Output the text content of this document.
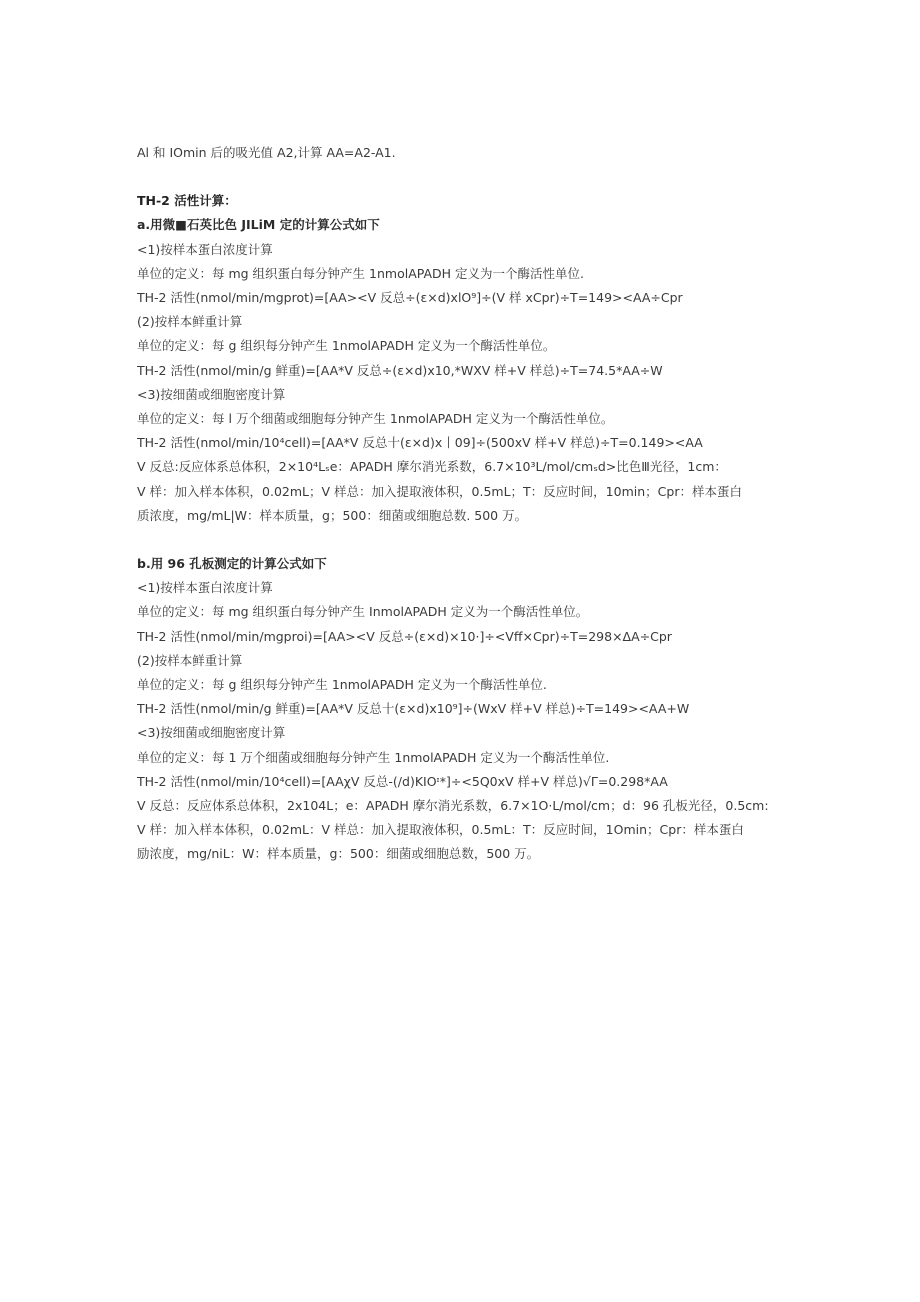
Al 和 IOmin 后的吸光值 A2,计算 AA=A2-A1.
TH-2 活性计算：
a.用微■石英比色 JILiM 定的计算公式如下
<1)按样本蛋白浓度计算
单位的定义：每 mg 组织蛋白每分钟产生 1nmolAPADH 定义为一个酶活性单位.
TH-2 活性(nmol/min/mgprot)=[AA><V 反总÷(ε×d)xlO⁹]÷(V 样 xCpr)÷T=149><AA÷Cpr
(2)按样本鲜重计算
单位的定义：每 g 组织每分钟产生 1nmolAPADH 定义为一个酶活性单位。
TH-2 活性(nmol/min/g 鲜重)=[AA*V 反总÷(ε×d)x10,*WXV 样+V 样总)÷T=74.5*AA÷W
<3)按细菌或细胞密度计算
单位的定义：每 l 万个细菌或细胞每分钟产生 1nmolAPADH 定义为一个酶活性单位。
TH-2 活性(nmol/min∕10⁴cell)=[AA*V 反总十(ε×d)x丨09]÷(500xV 样+V 样总)÷T=0.149><AA
V 反总:反应体系总体积，2×10⁴Lₛe：APADH 摩尔消光系数，6.7×10³L∕mol∕cmₛd>比色Ⅲ光径，1cm：
V 样：加入样本体积，0.02mL；V 样总：加入提取液体积，0.5mL；T：反应时间，10min；Cpr：样本蛋白
质浓度，mg∕mL|W：样本质量，g；500：细菌或细胞总数. 500 万。
b.用 96 孔板测定的计算公式如下
<1)按样本蛋白浓度计算
单位的定义：每 mg 组织蛋白每分钟产生 InmolAPADH 定义为一个酶活性单位。
TH-2 活性(nmol/min/mgproi)=[AA><V 反总÷(ε×d)×10·]÷<Vff×Cpr)÷T=298×ΔA÷Cpr
(2)按样本鲜重计算
单位的定义：每 g 组织每分钟产生 1nmolAPADH 定义为一个酶活性单位.
TH-2 活性(nmol/min/g 鲜重)=[AA*V 反总十(ε×d)x10⁹]÷(WxV 样+V 样总)÷T=149><AA+W
<3)按细菌或细胞密度计算
单位的定义：每 1 万个细菌或细胞每分钟产生 1nmolAPADH 定义为一个酶活性单位.
TH-2 活性(nmol∕min∕10⁴cell)=[AAχV 反总-(/d)KIOᶦ*]÷<5Q0xV 样+V 样总)√Γ=0.298*AA
V 反总：反应体系总体积，2x104L；e：APADH 摩尔消光系数，6.7×1O·L/mol/cm；d：96 孔板光径，0.5cm:
V 样：加入样本体积，0.02mL：V 样总：加入提取液体积，0.5mL：T：反应时间，1Omin；Cpr：样本蛋白
励浓度，mg/niL：W：样本质量，g：500：细菌或细胞总数，500 万。
